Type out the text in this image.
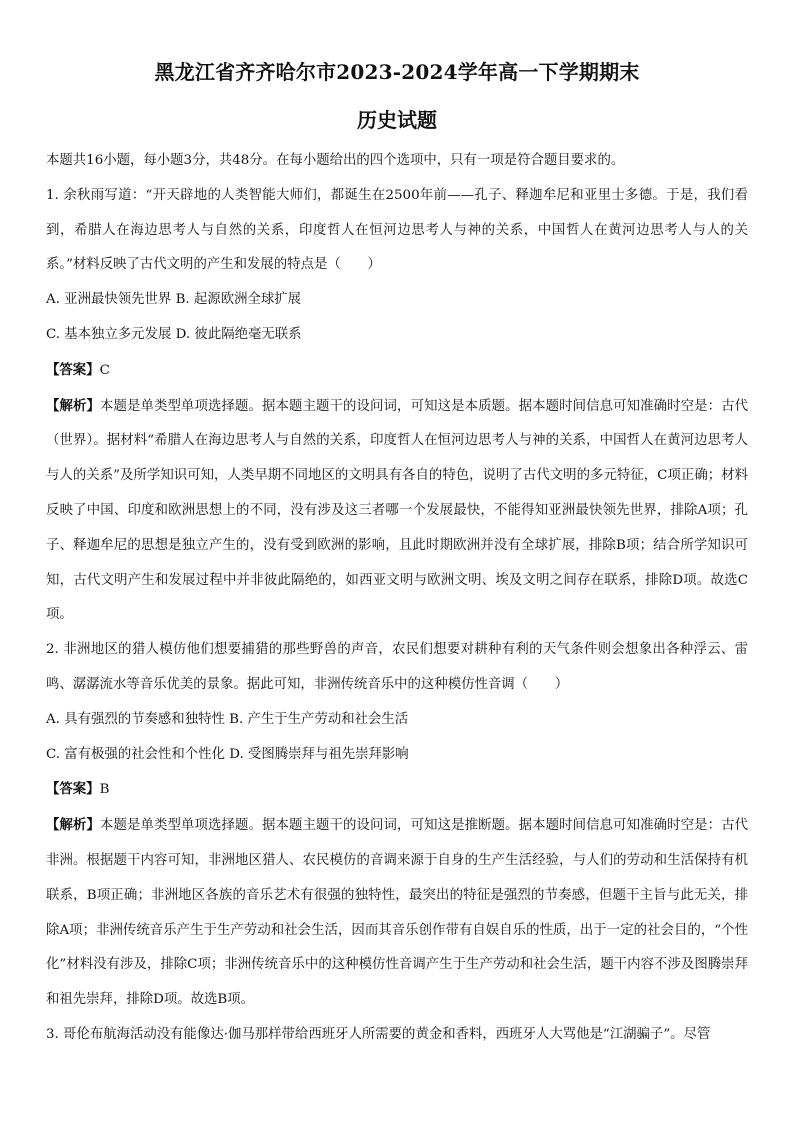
黑龙江省齐齐哈尔市2023-2024学年高一下学期期末
历史试题

本题共16小题，每小题3分，共48分。在每小题给出的四个选项中，只有一项是符合题目要求的。

1. 余秋雨写道：“开天辟地的人类智能大师们，都诞生在2500年前——孔子、释迦牟尼和亚里士多德。于是，我们看到，希腊人在海边思考人与自然的关系，印度哲人在恒河边思考人与神的关系，中国哲人在黄河边思考人与人的关系。”材料反映了古代文明的产生和发展的特点是（　　）

A. 亚洲最快领先世界 B. 起源欧洲全球扩展

C. 基本独立多元发展 D. 彼此隔绝毫无联系

【答案】C

【解析】本题是单类型单项选择题。据本题主题干的设问词，可知这是本质题。据本题时间信息可知准确时空是：古代（世界）。据材料“希腊人在海边思考人与自然的关系，印度哲人在恒河边思考人与神的关系，中国哲人在黄河边思考人与人的关系”及所学知识可知，人类早期不同地区的文明具有各自的特色，说明了古代文明的多元特征，C项正确；材料反映了中国、印度和欧洲思想上的不同，没有涉及这三者哪一个发展最快，不能得知亚洲最快领先世界，排除A项；孔子、释迦牟尼的思想是独立产生的，没有受到欧洲的影响，且此时期欧洲并没有全球扩展，排除B项；结合所学知识可知，古代文明产生和发展过程中并非彼此隔绝的，如西亚文明与欧洲文明、埃及文明之间存在联系，排除D项。故选C项。

2. 非洲地区的猎人模仿他们想要捕猎的那些野兽的声音，农民们想要对耕种有利的天气条件则会想象出各种浮云、雷鸣、潺潺流水等音乐优美的景象。据此可知，非洲传统音乐中的这种模仿性音调（　　）

A. 具有强烈的节奏感和独特性 B. 产生于生产劳动和社会生活

C. 富有极强的社会性和个性化 D. 受图腾崇拜与祖先崇拜影响

【答案】B

【解析】本题是单类型单项选择题。据本题主题干的设问词，可知这是推断题。据本题时间信息可知准确时空是：古代非洲。根据题干内容可知，非洲地区猎人、农民模仿的音调来源于自身的生产生活经验，与人们的劳动和生活保持有机联系，B项正确；非洲地区各族的音乐艺术有很强的独特性，最突出的特征是强烈的节奏感，但题干主旨与此无关，排除A项；非洲传统音乐产生于生产劳动和社会生活，因而其音乐创作带有自娱自乐的性质，出于一定的社会目的，“个性化”材料没有涉及，排除C项；非洲传统音乐中的这种模仿性音调产生于生产劳动和社会生活，题干内容不涉及图腾崇拜和祖先崇拜，排除D项。故选B项。

3. 哥伦布航海活动没有能像达·伽马那样带给西班牙人所需要的黄金和香料，西班牙人大骂他是“江湖骗子”。尽管
